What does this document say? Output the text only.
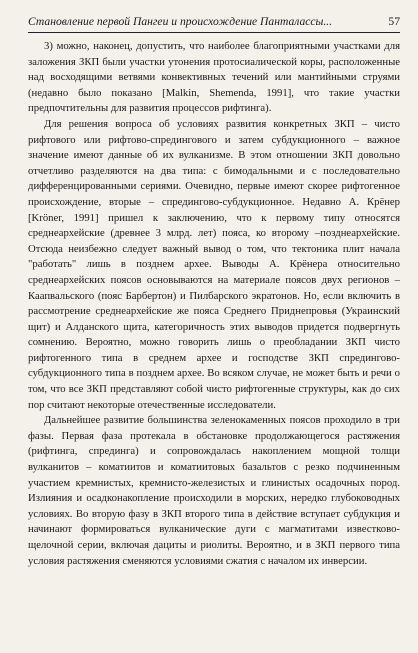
Становление первой Пангеи и происхождение Панталассы...	57

3) можно, наконец, допустить, что наиболее благоприятными участками для заложения ЗКП были участки утонения протосиалической коры, расположенные над восходящими ветвями конвективных течений или мантийными струями (недавно было показано [Malkin, Shemenda, 1991], что такие участки предпочтительны для развития процессов рифтинга).

Для решения вопроса об условиях развития конкретных ЗКП – чисто рифтового или рифтово-спредингового и затем субдукционного – важное значение имеют данные об их вулканизме. В этом отношении ЗКП довольно отчетливо разделяются на два типа: с бимодальными и с последовательно дифференцированными сериями. Очевидно, первые имеют скорее рифтогенное происхождение, вторые – спредингово-субдукционное. Недавно А. Крёнер [Kröner, 1991] пришел к заключению, что к первому типу относятся среднеархейские (древнее 3 млрд. лет) пояса, ко второму –позднеархейские. Отсюда неизбежно следует важный вывод о том, что тектоника плит начала "работать" лишь в позднем архее. Выводы А. Крёнера относительно среднеархейских поясов основываются на материале поясов двух регионов – Каапвальского (пояс Барбертон) и Пилбарского экратонов. Но, если включить в рассмотрение среднеархейские же пояса Среднего Приднепровья (Украинский щит) и Алданского щита, категоричность этих выводов придется подвергнуть сомнению. Вероятно, можно говорить лишь о преобладании ЗКП чисто рифтогенного типа в среднем архее и господстве ЗКП спредингово-субдукционного типа в позднем архее. Во всяком случае, не может быть и речи о том, что все ЗКП представляют собой чисто рифтогенные структуры, как до сих пор считают некоторые отечественные исследователи.

Дальнейшее развитие большинства зеленокаменных поясов проходило в три фазы. Первая фаза протекала в обстановке продолжающегося растяжения (рифтинга, спрединга) и сопровождалась накоплением мощной толщи вулканитов – коматиитов и коматиитовых базальтов с резко подчиненным участием кремнистых, кремнисто-железистых и глинистых осадочных пород. Излияния и осадконакопление происходили в морских, нередко глубоководных условиях. Во вторую фазу в ЗКП второго типа в действие вступает субдукция и начинают формироваться вулканические дуги с магматитами известково-щелочной серии, включая дациты и риолиты. Вероятно, и в ЗКП первого типа условия растяжения сменяются условиями сжатия с началом их инверсии.
